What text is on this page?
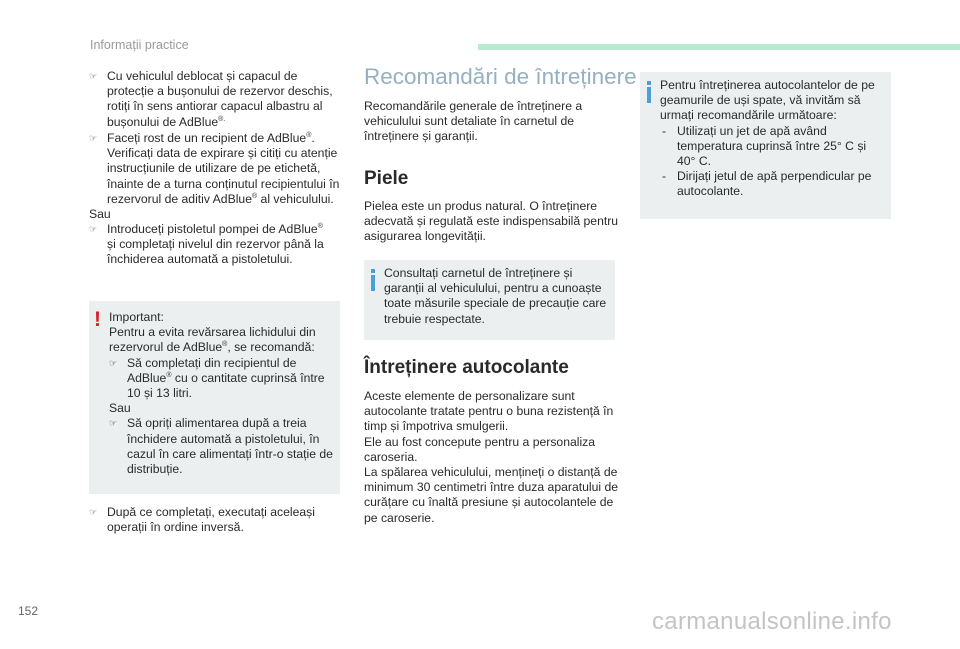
Informații practice
☞ Cu vehiculul deblocat și capacul de
protecție a bușonului de rezervor deschis,
rotiți în sens antiorar capacul albastru al
bușonului de AdBlue®.
☞ Faceți rost de un recipient de AdBlue®.
Verificați data de expirare și citiți cu atenție
instrucțiunile de utilizare de pe etichetă,
înainte de a turna conținutul recipientului în
rezervorul de aditiv AdBlue® al vehiculului.
Sau
☞ Introduceți pistoletul pompei de AdBlue®
și completați nivelul din rezervor până la
închiderea automată a pistoletului.
! Important:
Pentru a evita revărsarea lichidului din
rezervorul de AdBlue®, se recomandă:
☞ Să completați din recipientul de
AdBlue® cu o cantitate cuprinsă între
10 și 13 litri.
Sau
☞ Să opriți alimentarea după a treia
închidere automată a pistoletului, în
cazul în care alimentați într-o stație de
distribuție.
☞ După ce completați, executați aceleași
operații în ordine inversă.
Recomandări de întreținere
Recomandările generale de întreținere a
vehiculului sunt detaliate în carnetul de
întreținere și garanții.
Piele
Pielea este un produs natural. O întreținere
adecvată și regulată este indispensabilă pentru
asigurarea longevității.
Consultați carnetul de întreținere și
garanții al vehiculului, pentru a cunoaște
toate măsurile speciale de precauție care
trebuie respectate.
Întreținere autocolante
Aceste elemente de personalizare sunt
autocolante tratate pentru o buna rezistență în
timp și împotriva smulgerii.
Ele au fost concepute pentru a personaliza
caroseria.
La spălarea vehiculului, mențineți o distanță de
minimum 30 centimetri între duza aparatului de
curățare cu înaltă presiune și autocolantele de
pe caroserie.
Pentru întreținerea autocolantelor de pe
geamurile de uși spate, vă invităm să
urmați recomandările următoare:
- Utilizați un jet de apă având
temperatura cuprinsă între 25° C și
40° C.
- Dirijați jetul de apă perpendicular pe
autocolante.
152	carmanualsonline.info
